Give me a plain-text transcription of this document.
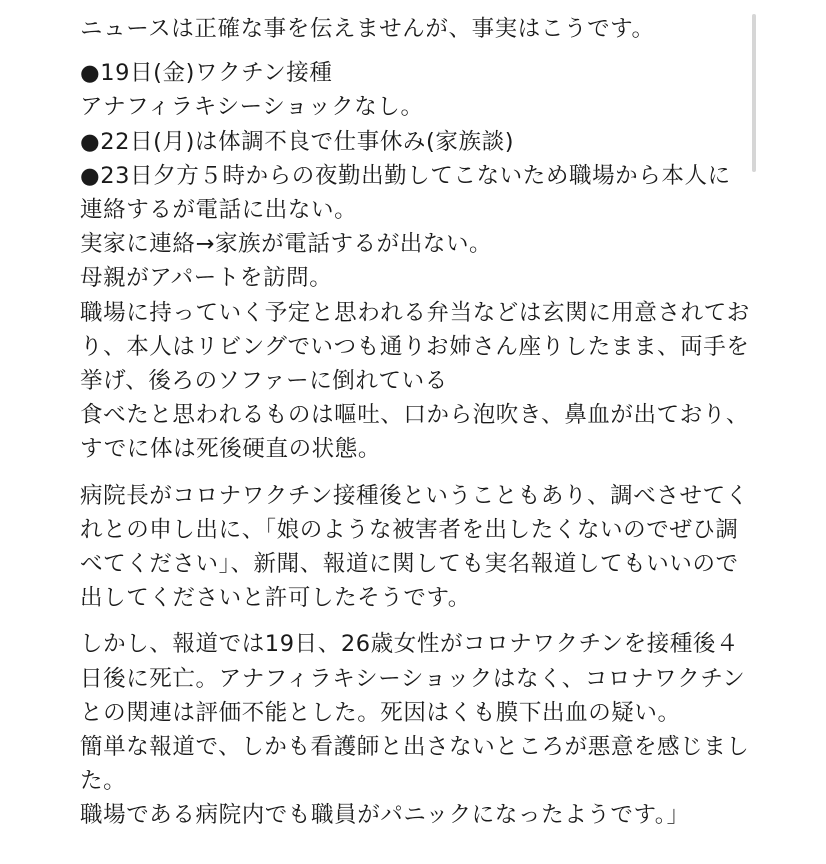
ニュースは正確な事を伝えませんが、事実はこうです。

●19日(金)ワクチン接種
アナフィラキシーショックなし。
●22日(月)は体調不良で仕事休み(家族談)
●23日夕方５時からの夜勤出勤してこないため職場から本人に連絡するが電話に出ない。
実家に連絡→家族が電話するが出ない。
母親がアパートを訪問。
職場に持っていく予定と思われる弁当などは玄関に用意されており、本人はリビングでいつも通りお姉さん座りしたまま、両手を挙げ、後ろのソファーに倒れている
食べたと思われるものは嘔吐、口から泡吹き、鼻血が出ており、すでに体は死後硬直の状態。

病院長がコロナワクチン接種後ということもあり、調べさせてくれとの申し出に、「娘のような被害者を出したくないのでぜひ調べてください」、新聞、報道に関しても実名報道してもいいので出してくださいと許可したそうです。

しかし、報道では19日、26歳女性がコロナワクチンを接種後４日後に死亡。アナフィラキシーショックはなく、コロナワクチンとの関連は評価不能とした。死因はくも膜下出血の疑い。
簡単な報道で、しかも看護師と出さないところが悪意を感じました。
職場である病院内でも職員がパニックになったようです。」
